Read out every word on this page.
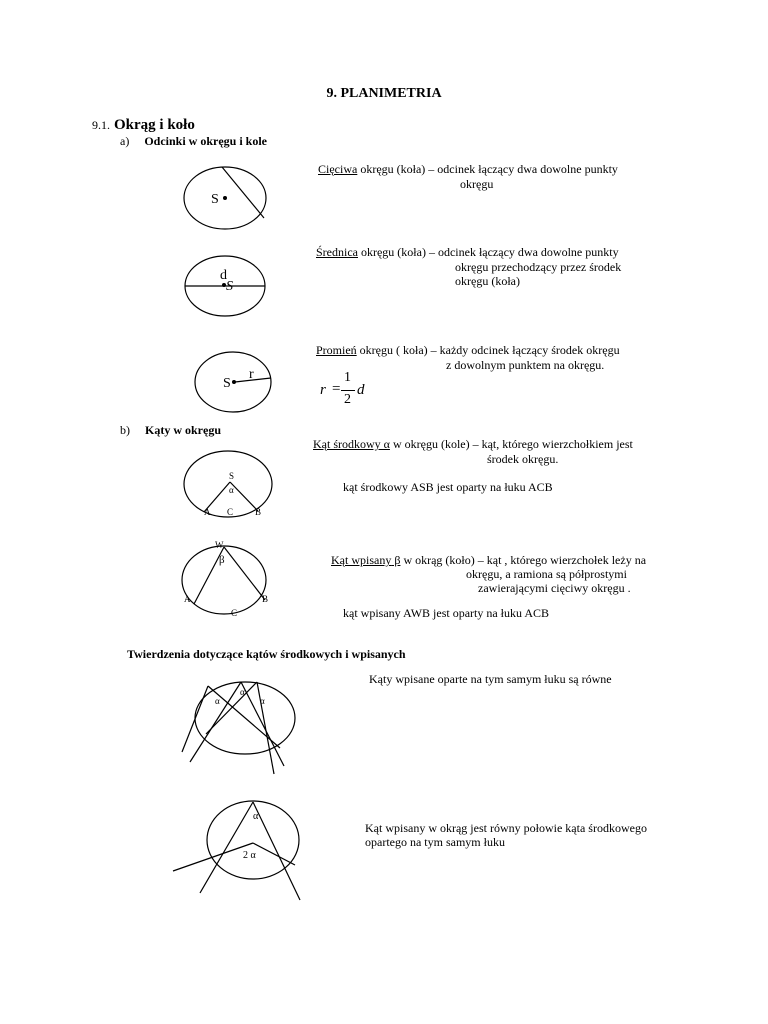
9. PLANIMETRIA
9.1. Okrąg i koło
a) Odcinki w okręgu i kole
S
Cięciwa okręgu (koła) – odcinek łączący dwa dowolne punkty
okręgu
d
S
Średnica okręgu (koła) – odcinek łączący dwa dowolne punkty
okręgu przechodzący przez środek
okręgu (koła)
S
r
Promień okręgu ( koła) – każdy odcinek łączący środek okręgu
z dowolnym punktem na okręgu.
r =
1
2
d
b) Kąty w okręgu
Kąt środkowy α w okręgu (kole) – kąt, którego wierzchołkiem jest
środek okręgu.
kąt środkowy ASB jest oparty na łuku ACB
S
α
A C B
W
β
A	B
C
Kąt wpisany β w okrąg (koło) – kąt , którego wierzchołek leży na
okręgu, a ramiona są półprostymi
zawierającymi cięciwy okręgu .
kąt wpisany AWB jest oparty na łuku ACB
Twierdzenia dotyczące kątów środkowych i wpisanych
α
α
α
Kąty wpisane oparte na tym samym łuku są równe
α
2 α
Kąt wpisany w okrąg jest równy połowie kąta środkowego
opartego na tym samym łuku
